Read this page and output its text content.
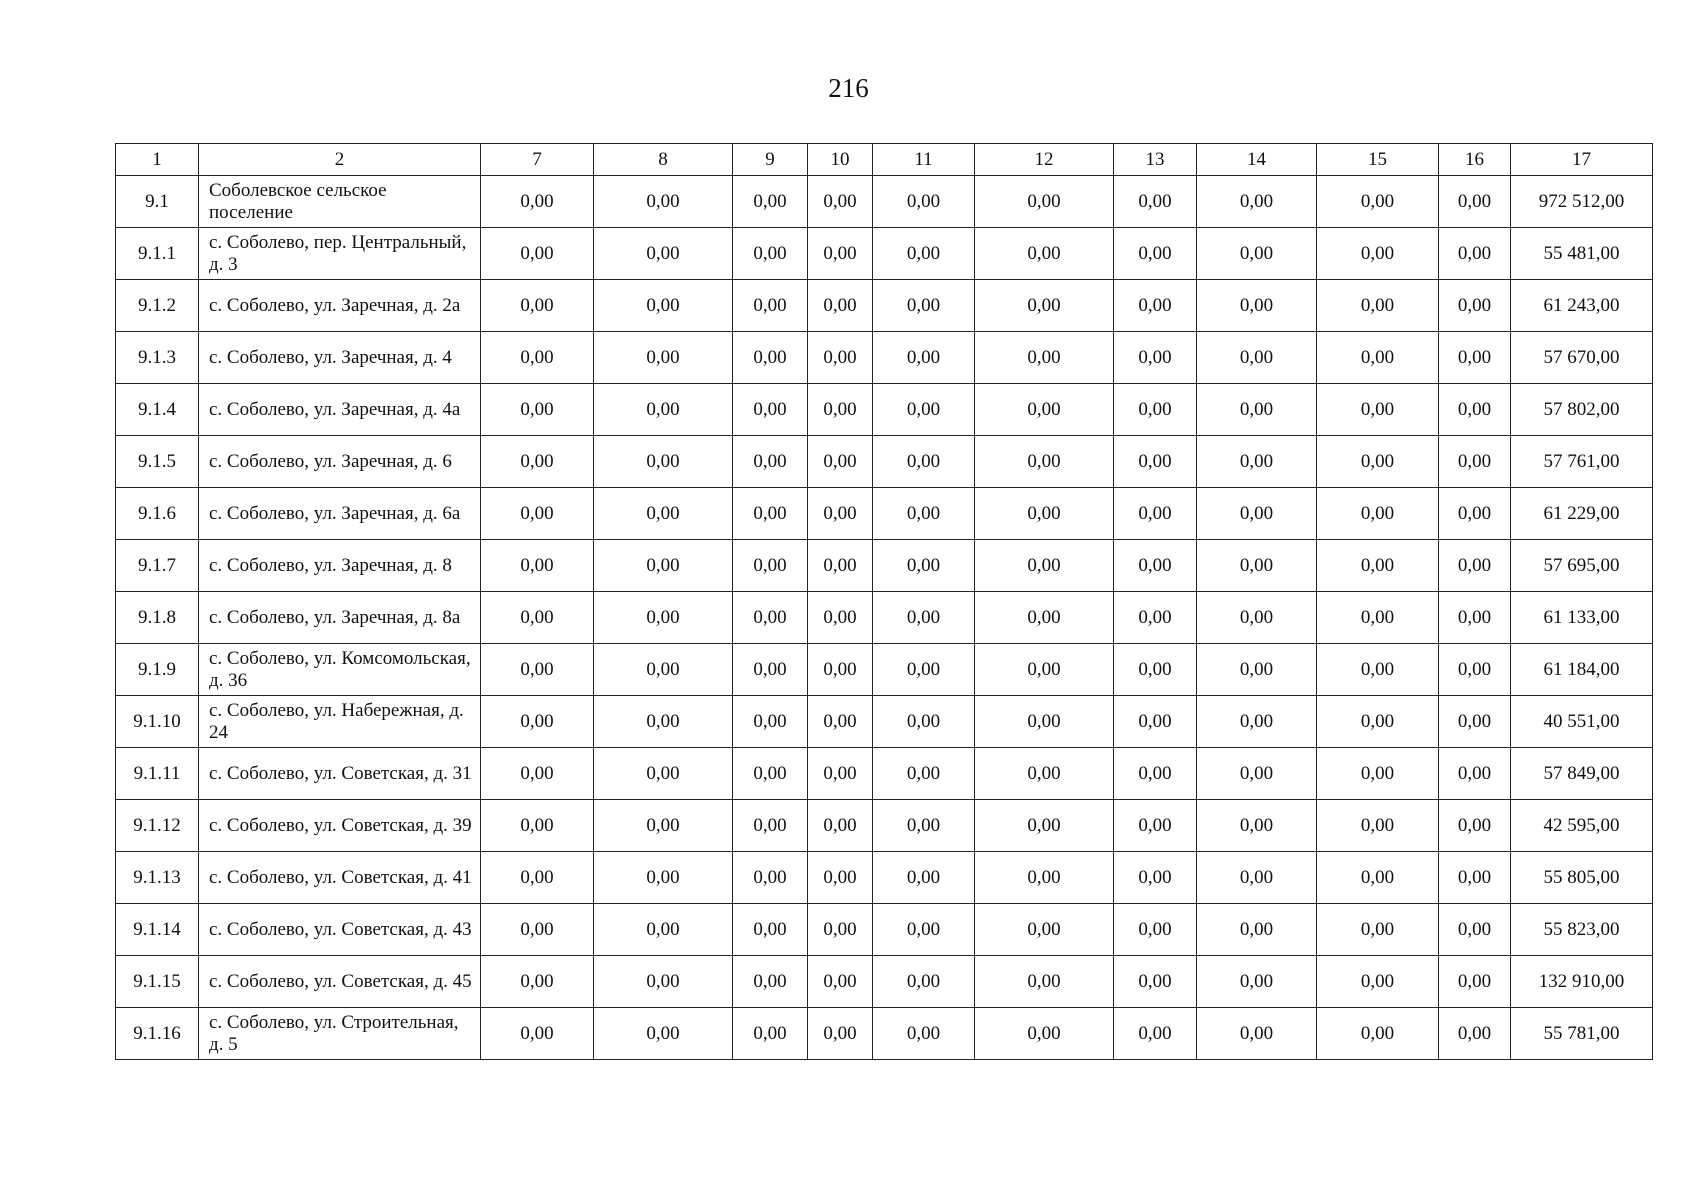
216
1	2	7	8	9	10	11	12	13	14	15	16	17
9.1	Соболевское сельское поселение	0,00	0,00	0,00	0,00	0,00	0,00	0,00	0,00	0,00	0,00	972 512,00
9.1.1	с. Соболево, пер. Центральный, д. 3	0,00	0,00	0,00	0,00	0,00	0,00	0,00	0,00	0,00	0,00	55 481,00
9.1.2	с. Соболево, ул. Заречная, д. 2а	0,00	0,00	0,00	0,00	0,00	0,00	0,00	0,00	0,00	0,00	61 243,00
9.1.3	с. Соболево, ул. Заречная, д. 4	0,00	0,00	0,00	0,00	0,00	0,00	0,00	0,00	0,00	0,00	57 670,00
9.1.4	с. Соболево, ул. Заречная, д. 4а	0,00	0,00	0,00	0,00	0,00	0,00	0,00	0,00	0,00	0,00	57 802,00
9.1.5	с. Соболево, ул. Заречная, д. 6	0,00	0,00	0,00	0,00	0,00	0,00	0,00	0,00	0,00	0,00	57 761,00
9.1.6	с. Соболево, ул. Заречная, д. 6а	0,00	0,00	0,00	0,00	0,00	0,00	0,00	0,00	0,00	0,00	61 229,00
9.1.7	с. Соболево, ул. Заречная, д. 8	0,00	0,00	0,00	0,00	0,00	0,00	0,00	0,00	0,00	0,00	57 695,00
9.1.8	с. Соболево, ул. Заречная, д. 8а	0,00	0,00	0,00	0,00	0,00	0,00	0,00	0,00	0,00	0,00	61 133,00
9.1.9	с. Соболево, ул. Комсомольская, д. 36	0,00	0,00	0,00	0,00	0,00	0,00	0,00	0,00	0,00	0,00	61 184,00
9.1.10	с. Соболево, ул. Набережная, д. 24	0,00	0,00	0,00	0,00	0,00	0,00	0,00	0,00	0,00	0,00	40 551,00
9.1.11	с. Соболево, ул. Советская, д. 31	0,00	0,00	0,00	0,00	0,00	0,00	0,00	0,00	0,00	0,00	57 849,00
9.1.12	с. Соболево, ул. Советская, д. 39	0,00	0,00	0,00	0,00	0,00	0,00	0,00	0,00	0,00	0,00	42 595,00
9.1.13	с. Соболево, ул. Советская, д. 41	0,00	0,00	0,00	0,00	0,00	0,00	0,00	0,00	0,00	0,00	55 805,00
9.1.14	с. Соболево, ул. Советская, д. 43	0,00	0,00	0,00	0,00	0,00	0,00	0,00	0,00	0,00	0,00	55 823,00
9.1.15	с. Соболево, ул. Советская, д. 45	0,00	0,00	0,00	0,00	0,00	0,00	0,00	0,00	0,00	0,00	132 910,00
9.1.16	с. Соболево, ул. Строительная, д. 5	0,00	0,00	0,00	0,00	0,00	0,00	0,00	0,00	0,00	0,00	55 781,00
